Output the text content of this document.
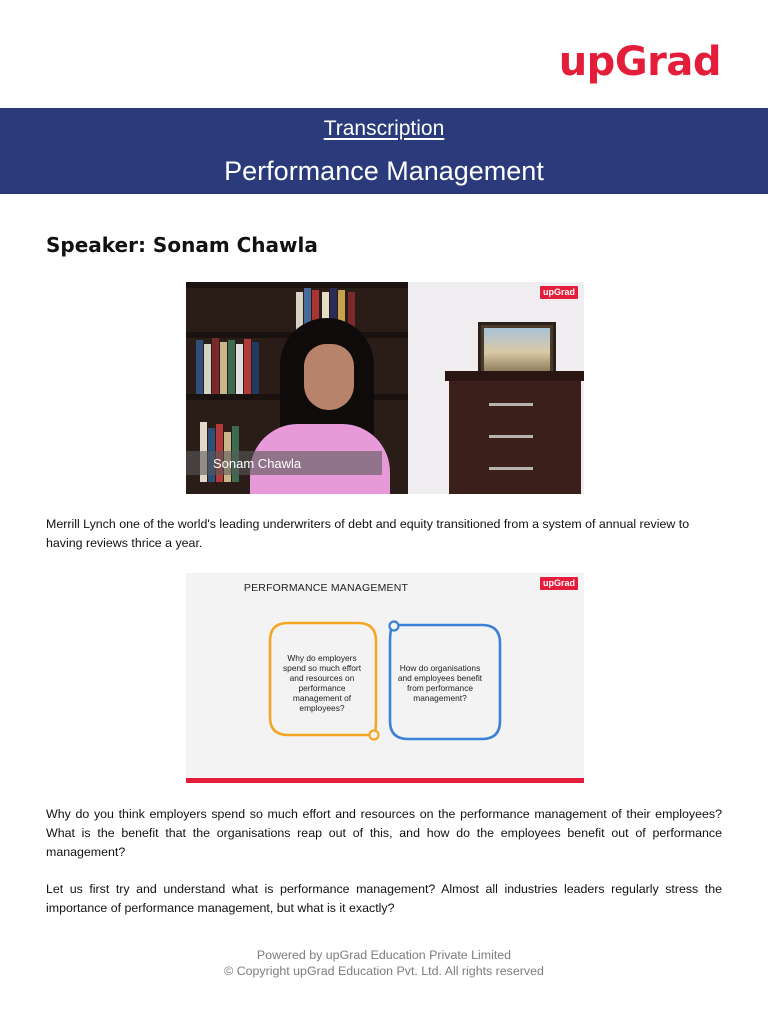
upGrad
Transcription
Performance Management
Speaker: Sonam Chawla
Sonam Chawla
upGrad
Merrill Lynch one of the world's leading underwriters of debt and equity transitioned from a system of annual review to having reviews thrice a year.
PERFORMANCE MANAGEMENT
Why do employers spend so much effort and resources on performance management of employees?
How do organisations and employees benefit from performance management?
upGrad
Why do you think employers spend so much effort and resources on the performance management of their employees? What is the benefit that the organisations reap out of this, and how do the employees benefit out of performance management?
Let us first try and understand what is performance management? Almost all industries leaders regularly stress the importance of performance management, but what is it exactly?
Powered by upGrad Education Private Limited
© Copyright upGrad Education Pvt. Ltd. All rights reserved
